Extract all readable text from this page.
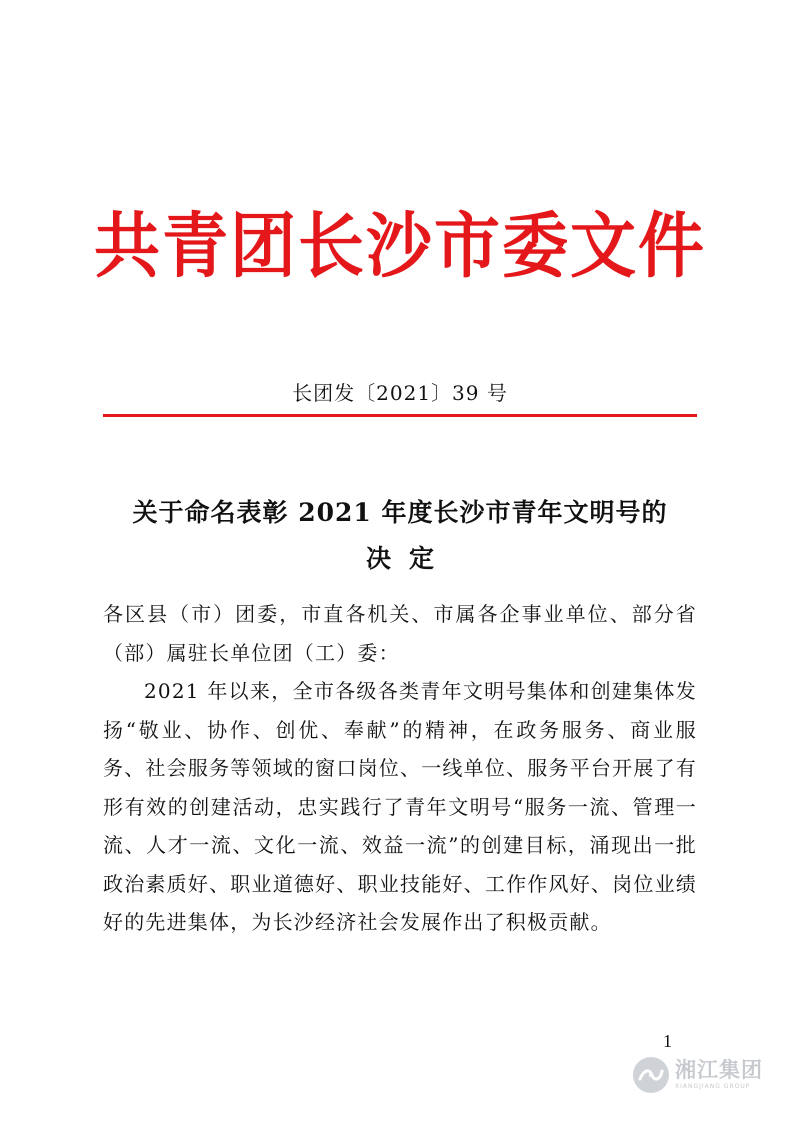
共青团长沙市委文件
长团发〔2021〕39 号
关于命名表彰 2021 年度长沙市青年文明号的
决定

各区县（市）团委，市直各机关、市属各企事业单位、部分省（部）属驻长单位团（工）委：

2021 年以来，全市各级各类青年文明号集体和创建集体发扬“敬业、协作、创优、奉献”的精神，在政务服务、商业服务、社会服务等领域的窗口岗位、一线单位、服务平台开展了有形有效的创建活动，忠实践行了青年文明号“服务一流、管理一流、人才一流、文化一流、效益一流”的创建目标，涌现出一批政治素质好、职业道德好、职业技能好、工作作风好、岗位业绩好的先进集体，为长沙经济社会发展作出了积极贡献。

1
湘江集团
XIANGJIANG GROUP
